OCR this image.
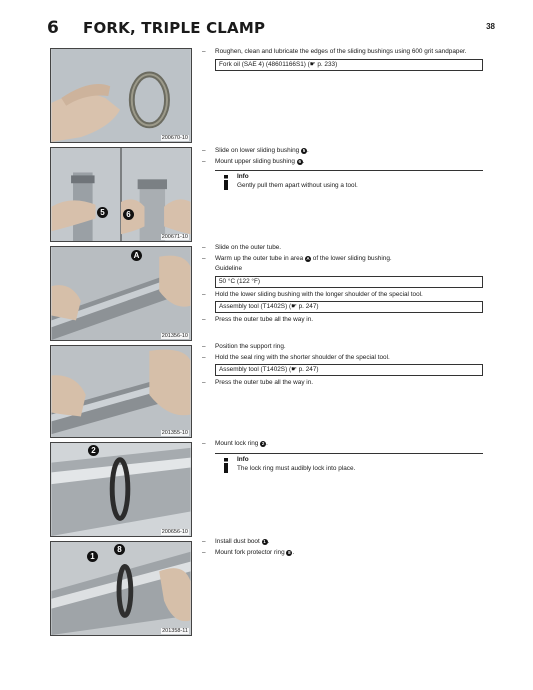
6 FORK, TRIPLE CLAMP	38
200670-10
200671-10
201356-10
201355-10
200656-10
201358-11
– Roughen, clean and lubricate the edges of the sliding bushings using 600 grit sandpaper.
Fork oil (SAE 4) (48601166S1) (☛ p. 233)
– Slide on lower sliding bushing 5 .
– Mount upper sliding bushing 6 .
Info
Gently pull them apart without using a tool.
– Slide on the outer tube.
– Warm up the outer tube in area A of the lower sliding bushing.
Guideline
50 °C (122 °F)
– Hold the lower sliding bushing with the longer shoulder of the special tool.
Assembly tool (T1402S) (☛ p. 247)
– Press the outer tube all the way in.
– Position the support ring.
– Hold the seal ring with the shorter shoulder of the special tool.
Assembly tool (T1402S) (☛ p. 247)
– Press the outer tube all the way in.
– Mount lock ring 2 .
Info
The lock ring must audibly lock into place.
– Install dust boot 1 .
– Mount fork protector ring 8 .
5	6
A
2
1
8
